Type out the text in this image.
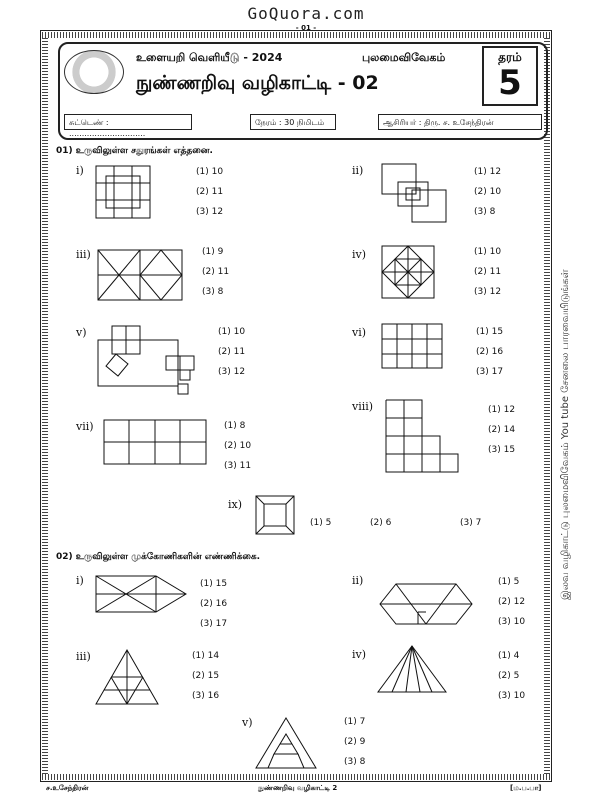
GoQuora.com
- 01 -
உளையறி வெளியீடு - 2024	புலமைவிவேகம்
நுண்ணறிவு வழிகாட்டி - 02
தரம்
5
சுட்டெண் : ..............................
நேரம் : 30 நிமிடம்	ஆசிரியர் : திரு. ச. உசேந்திரன்
01) உருவிலுள்ள சதுரங்கள் எத்தனை.
i)	(1) 10
(2) 11
(3) 12
ii)	(1) 12
(2) 10
(3) 8
iii)	(1) 9
(2) 11
(3) 8
iv)	(1) 10
(2) 11
(3) 12
v)	(1) 10
(2) 11
(3) 12
vi)	(1) 15
(2) 16
(3) 17
vii)	(1) 8
(2) 10
(3) 11
viii)	(1) 12
(2) 14
(3) 15
ix)
(1) 5	(2) 6	(3) 7
02) உருவிலுள்ள முக்கோணிகளின் எண்ணிக்கை.
i)	(1) 15
(2) 16
(3) 17
ii)	(1) 5
(2) 12
(3) 10
iii)	(1) 14
(2) 15
(3) 16
iv)	(1) 4
(2) 5
(3) 10
v)	(1) 7
(2) 9
(3) 8
இலவ வழிகாட்டு புலமைவிவேகம் You tube சேனலை பாரவையிடுங்கள்
ச.உசேந்திரன்	நுண்ணறிவு வழிகாட்டி 2	[ம.ப.பா]
